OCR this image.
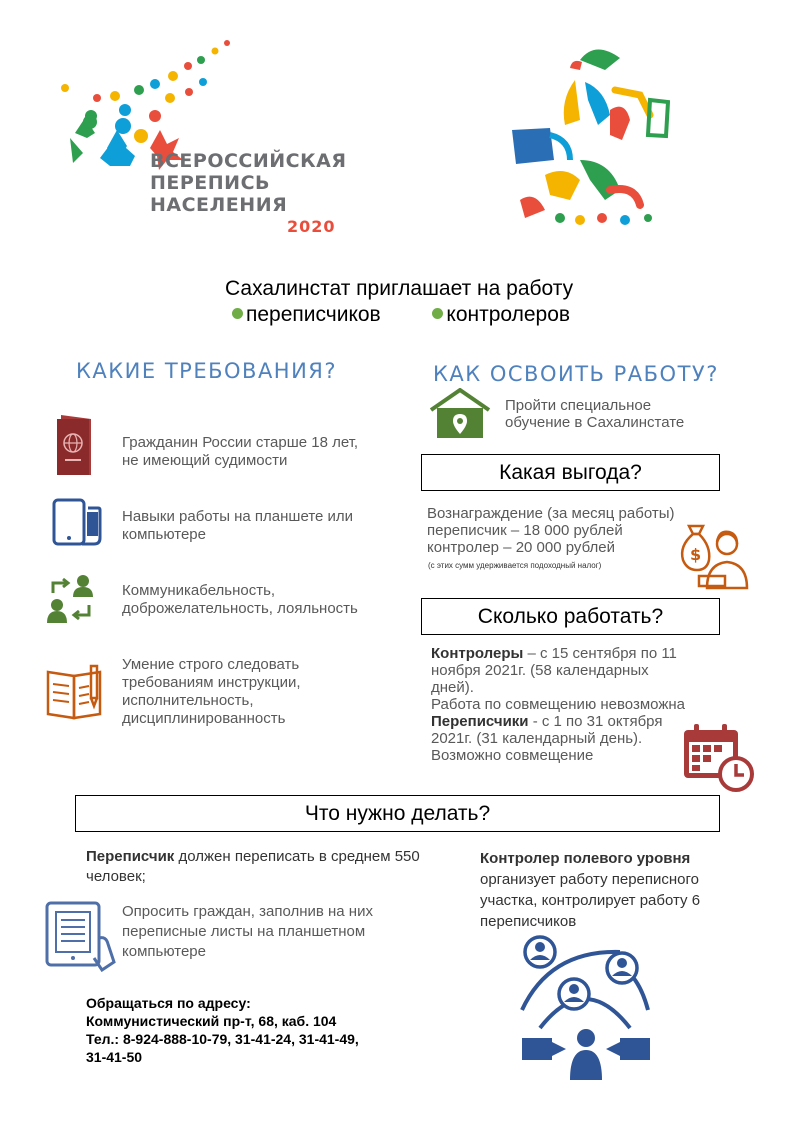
ВСЕРОССИЙСКАЯ
ПЕРЕПИСЬ
НАСЕЛЕНИЯ
2020
Сахалинстат приглашает на работу
переписчиков	контролеров
КАКИЕ ТРЕБОВАНИЯ?
Гражданин России старше 18 лет,
не имеющий судимости
Навыки работы на планшете или
компьютере
Коммуникабельность,
доброжелательность, лояльность
Умение строго следовать
требованиям инструкции,
исполнительность,
дисциплинированность
КАК ОСВОИТЬ РАБОТУ?
Пройти специальное
обучение в Сахалинстате
Какая выгода?
Вознаграждение (за месяц работы)
переписчик – 18 000 рублей
контролер – 20 000 рублей
(с этих сумм удерживается подоходный налог)
$
Сколько работать?
Контролеры – с 15 сентября по 11
ноября 2021г. (58 календарных
дней).
Работа по совмещению невозможна
Переписчики - с 1 по 31 октября
2021г. (31 календарный день).
Возможно совмещение
Что нужно делать?
Переписчик должен переписать в среднем 550
человек;
Опросить граждан, заполнив на них
переписные листы на планшетном
компьютере
Контролер полевого уровня
организует работу переписного
участка, контролирует работу 6
переписчиков
Обращаться по адресу:
Коммунистический пр-т, 68, каб. 104
Тел.: 8-924-888-10-79, 31-41-24, 31-41-49,
31-41-50
